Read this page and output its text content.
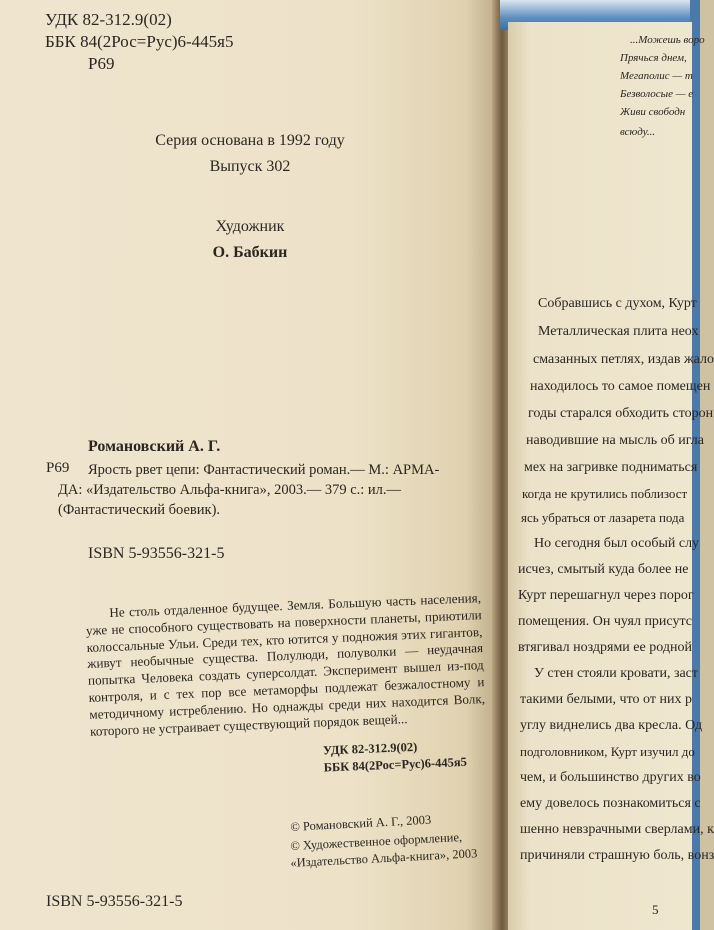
УДК 82-312.9(02)
ББК 84(2Рос=Рус)6-445я5
Р69
Серия основана в 1992 году
Выпуск 302
Художник
О. Бабкин
Романовский А. Г.
Р69 Ярость рвет цепи: Фантастический роман.— М.: АРМА-
ДА: «Издательство Альфа-книга», 2003.— 379 с.: ил.—
(Фантастический боевик).
ISBN 5-93556-321-5

Не столь отдаленное будущее. Земля. Большую часть населения, уже не способного существовать на поверхности планеты, приютили колоссальные Ульи. Среди тех, кто ютится у подножия этих гигантов, живут необычные существа. Полулюди, полуволки — неудачная попытка Человека создать суперсолдат. Эксперимент вышел из-под контроля, и с тех пор все метаморфы подлежат безжалостному и методичному истреблению. Но однажды среди них находится Волк, которого не устраивает существующий порядок вещей...

УДК 82-312.9(02)
ББК 84(2Рос=Рус)6-445я5
© Романовский А. Г., 2003
© Художественное оформление,
«Издательство Альфа-книга», 2003
ISBN 5-93556-321-5
...Можешь воро
Прячься днем,
Мегаполис — т
Безволосые — е
Живи свободн
всюду...
Собравшись с духом, Курт
Металлическая плита неох
смазанных петлях, издав жало
находилось то самое помещен
годы старался обходить сторон
наводившие на мысль об игла
мех на загривке подниматься
когда не крутились поблизост
ясь убраться от лазарета пода
Но сегодня был особый слу
исчез, смытый куда более не
Курт перешагнул через порог
помещения. Он чуял присутс
втягивал ноздрями ее родной
У стен стояли кровати, заст
такими белыми, что от них р
углу виднелись два кресла. Од
подголовником, Курт изучил до
чем, и большинство других во
ему довелось познакомиться с
шенно невзрачными сверлами, к
причиняли страшную боль, вонз
5
